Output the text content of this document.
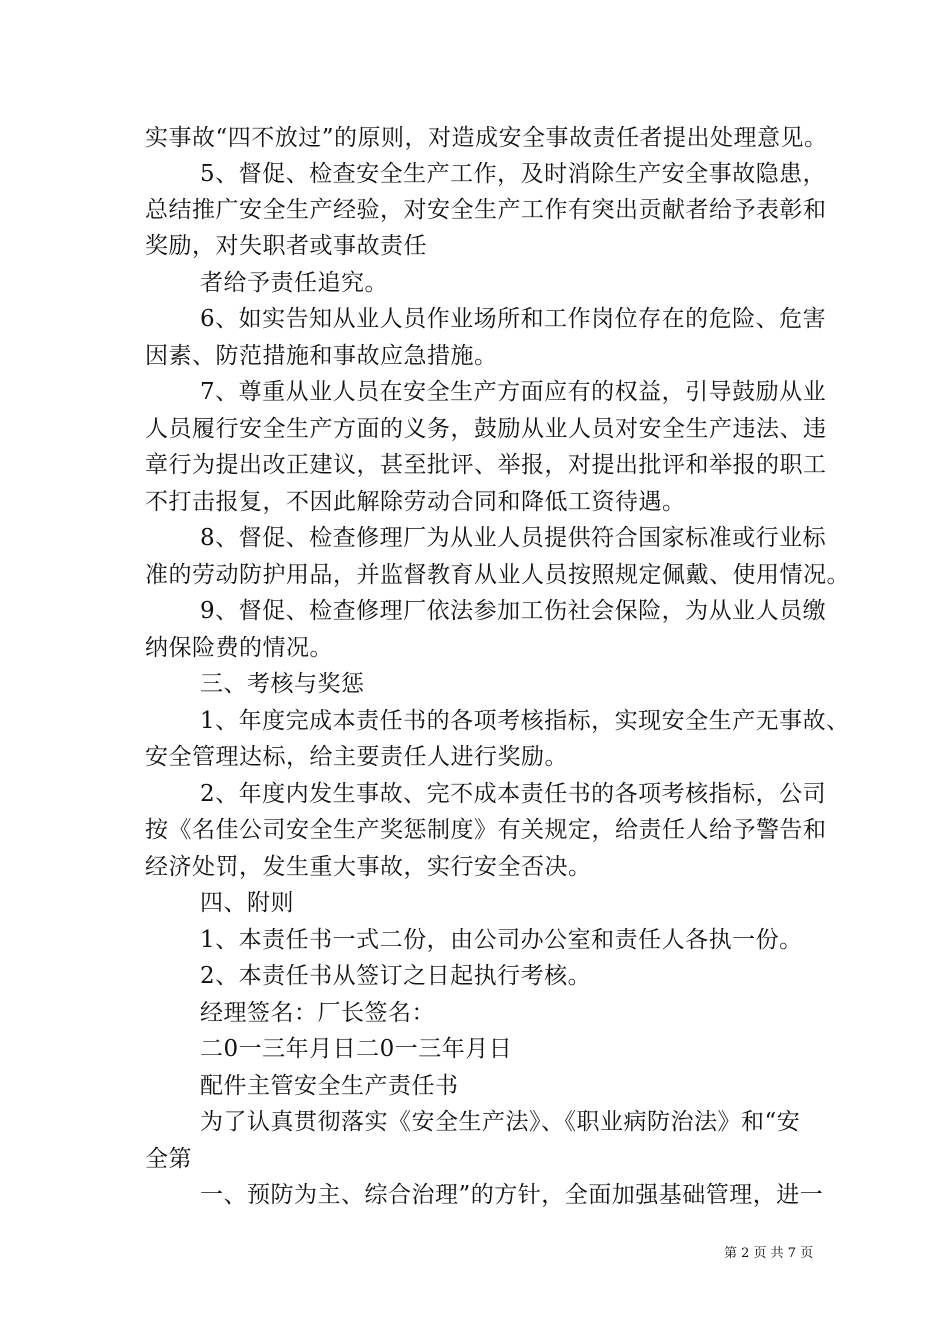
实事故“四不放过”的原则，对造成安全事故责任者提出处理意见。
5、督促、检查安全生产工作，及时消除生产安全事故隐患，
总结推广安全生产经验，对安全生产工作有突出贡献者给予表彰和
奖励，对失职者或事故责任
者给予责任追究。
6、如实告知从业人员作业场所和工作岗位存在的危险、危害
因素、防范措施和事故应急措施。
7、尊重从业人员在安全生产方面应有的权益，引导鼓励从业
人员履行安全生产方面的义务，鼓励从业人员对安全生产违法、违
章行为提出改正建议，甚至批评、举报，对提出批评和举报的职工
不打击报复，不因此解除劳动合同和降低工资待遇。
8、督促、检查修理厂为从业人员提供符合国家标准或行业标
准的劳动防护用品，并监督教育从业人员按照规定佩戴、使用情况。
9、督促、检查修理厂依法参加工伤社会保险，为从业人员缴
纳保险费的情况。
三、考核与奖惩
1、年度完成本责任书的各项考核指标，实现安全生产无事故、
安全管理达标，给主要责任人进行奖励。
2、年度内发生事故、完不成本责任书的各项考核指标，公司
按《名佳公司安全生产奖惩制度》有关规定，给责任人给予警告和
经济处罚，发生重大事故，实行安全否决。
四、附则
1、本责任书一式二份，由公司办公室和责任人各执一份。
2、本责任书从签订之日起执行考核。
经理签名：厂长签名：
二0一三年月日二0一三年月日
配件主管安全生产责任书
为了认真贯彻落实《安全生产法》、《职业病防治法》和“安
全第
一、预防为主、综合治理”的方针，全面加强基础管理，进一
第 2 页 共 7 页
